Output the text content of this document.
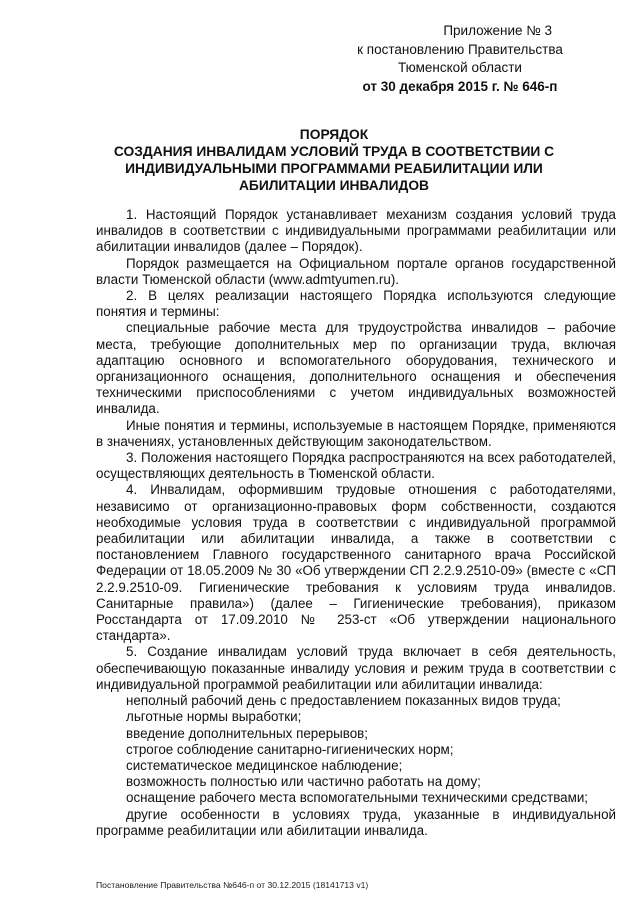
Приложение № 3
к постановлению Правительства
Тюменской области
от 30 декабря 2015 г. № 646-п
ПОРЯДОК
СОЗДАНИЯ ИНВАЛИДАМ УСЛОВИЙ ТРУДА В СООТВЕТСТВИИ С
ИНДИВИДУАЛЬНЫМИ ПРОГРАММАМИ РЕАБИЛИТАЦИИ ИЛИ
АБИЛИТАЦИИ ИНВАЛИДОВ

1. Настоящий Порядок устанавливает механизм создания условий труда инвалидов в соответствии с индивидуальными программами реабилитации или абилитации инвалидов (далее – Порядок).

Порядок размещается на Официальном портале органов государственной власти Тюменской области (www.admtyumen.ru).

2. В целях реализации настоящего Порядка используются следующие понятия и термины:

специальные рабочие места для трудоустройства инвалидов – рабочие места, требующие дополнительных мер по организации труда, включая адаптацию основного и вспомогательного оборудования, технического и организационного оснащения, дополнительного оснащения и обеспечения техническими приспособлениями с учетом индивидуальных возможностей инвалида.

Иные понятия и термины, используемые в настоящем Порядке, применяются в значениях, установленных действующим законодательством.

3. Положения настоящего Порядка распространяются на всех работодателей, осуществляющих деятельность в Тюменской области.

4. Инвалидам, оформившим трудовые отношения с работодателями, независимо от организационно-правовых форм собственности, создаются необходимые условия труда в соответствии с индивидуальной программой реабилитации или абилитации инвалида, а также в соответствии с постановлением Главного государственного санитарного врача Российской Федерации от 18.05.2009 № 30 «Об утверждении СП 2.2.9.2510-09» (вместе с «СП 2.2.9.2510-09. Гигиенические требования к условиям труда инвалидов. Санитарные правила») (далее – Гигиенические требования), приказом Росстандарта от 17.09.2010 № 253-ст «Об утверждении национального стандарта».

5. Создание инвалидам условий труда включает в себя деятельность, обеспечивающую показанные инвалиду условия и режим труда в соответствии с индивидуальной программой реабилитации или абилитации инвалида:

неполный рабочий день с предоставлением показанных видов труда;

льготные нормы выработки;

введение дополнительных перерывов;

строгое соблюдение санитарно-гигиенических норм;

систематическое медицинское наблюдение;

возможность полностью или частично работать на дому;

оснащение рабочего места вспомогательными техническими средствами;

другие особенности в условиях труда, указанные в индивидуальной программе реабилитации или абилитации инвалида.

Постановление Правительства №646-п от 30.12.2015 (18141713 v1)
